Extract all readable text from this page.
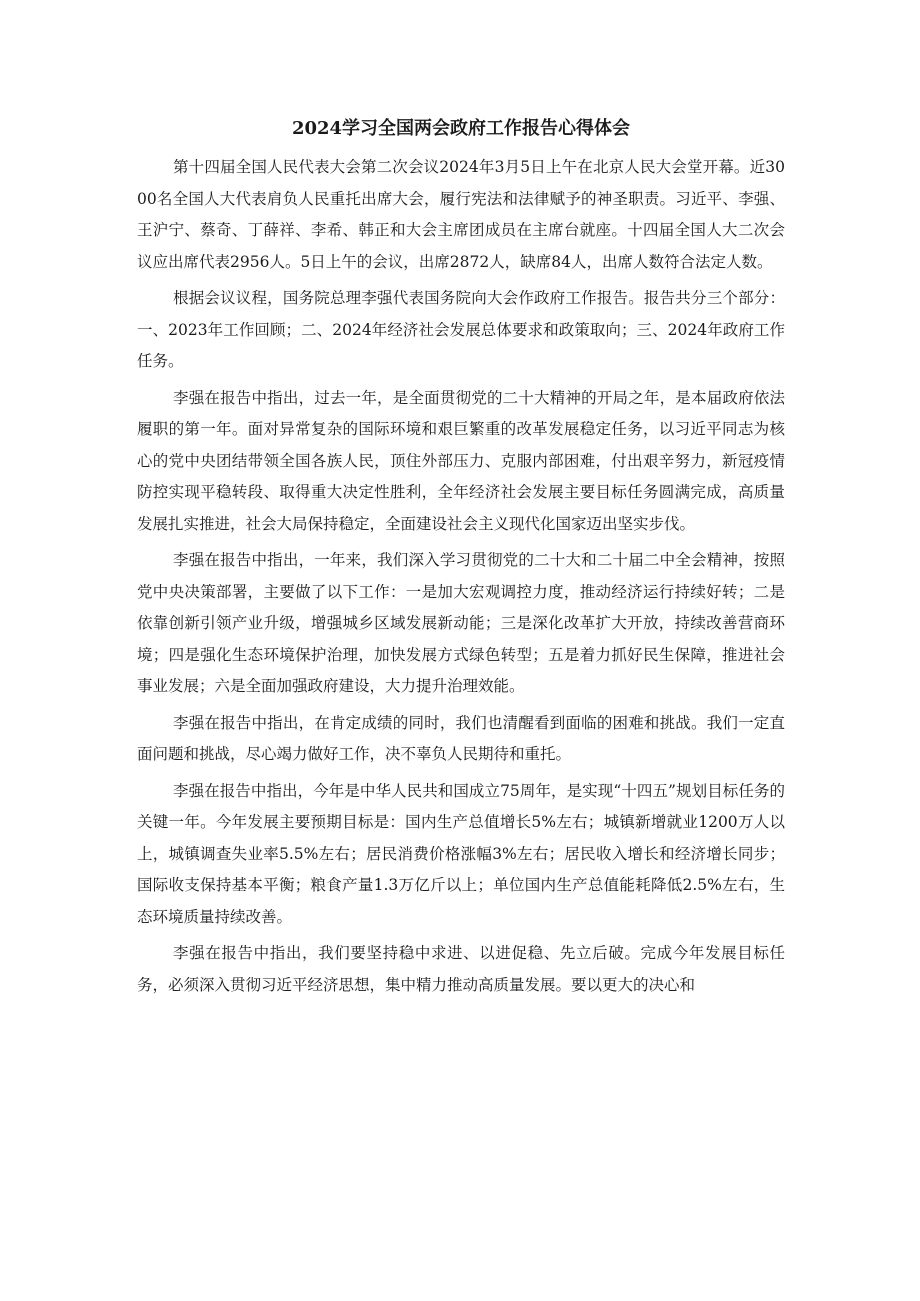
2024学习全国两会政府工作报告心得体会

第十四届全国人民代表大会第二次会议2024年3月5日上午在北京人民大会堂开幕。近3000名全国人大代表肩负人民重托出席大会，履行宪法和法律赋予的神圣职责。习近平、李强、王沪宁、蔡奇、丁薛祥、李希、韩正和大会主席团成员在主席台就座。十四届全国人大二次会议应出席代表2956人。5日上午的会议，出席2872人，缺席84人，出席人数符合法定人数。

根据会议议程，国务院总理李强代表国务院向大会作政府工作报告。报告共分三个部分：一、2023年工作回顾；二、2024年经济社会发展总体要求和政策取向；三、2024年政府工作任务。

李强在报告中指出，过去一年，是全面贯彻党的二十大精神的开局之年，是本届政府依法履职的第一年。面对异常复杂的国际环境和艰巨繁重的改革发展稳定任务，以习近平同志为核心的党中央团结带领全国各族人民，顶住外部压力、克服内部困难，付出艰辛努力，新冠疫情防控实现平稳转段、取得重大决定性胜利，全年经济社会发展主要目标任务圆满完成，高质量发展扎实推进，社会大局保持稳定，全面建设社会主义现代化国家迈出坚实步伐。

李强在报告中指出，一年来，我们深入学习贯彻党的二十大和二十届二中全会精神，按照党中央决策部署，主要做了以下工作：一是加大宏观调控力度，推动经济运行持续好转；二是依靠创新引领产业升级，增强城乡区域发展新动能；三是深化改革扩大开放，持续改善营商环境；四是强化生态环境保护治理，加快发展方式绿色转型；五是着力抓好民生保障，推进社会事业发展；六是全面加强政府建设，大力提升治理效能。

李强在报告中指出，在肯定成绩的同时，我们也清醒看到面临的困难和挑战。我们一定直面问题和挑战，尽心竭力做好工作，决不辜负人民期待和重托。

李强在报告中指出，今年是中华人民共和国成立75周年，是实现“十四五”规划目标任务的关键一年。今年发展主要预期目标是：国内生产总值增长5%左右；城镇新增就业1200万人以上，城镇调查失业率5.5%左右；居民消费价格涨幅3%左右；居民收入增长和经济增长同步；国际收支保持基本平衡；粮食产量1.3万亿斤以上；单位国内生产总值能耗降低2.5%左右，生态环境质量持续改善。

李强在报告中指出，我们要坚持稳中求进、以进促稳、先立后破。完成今年发展目标任务，必须深入贯彻习近平经济思想，集中精力推动高质量发展。要以更大的决心和
